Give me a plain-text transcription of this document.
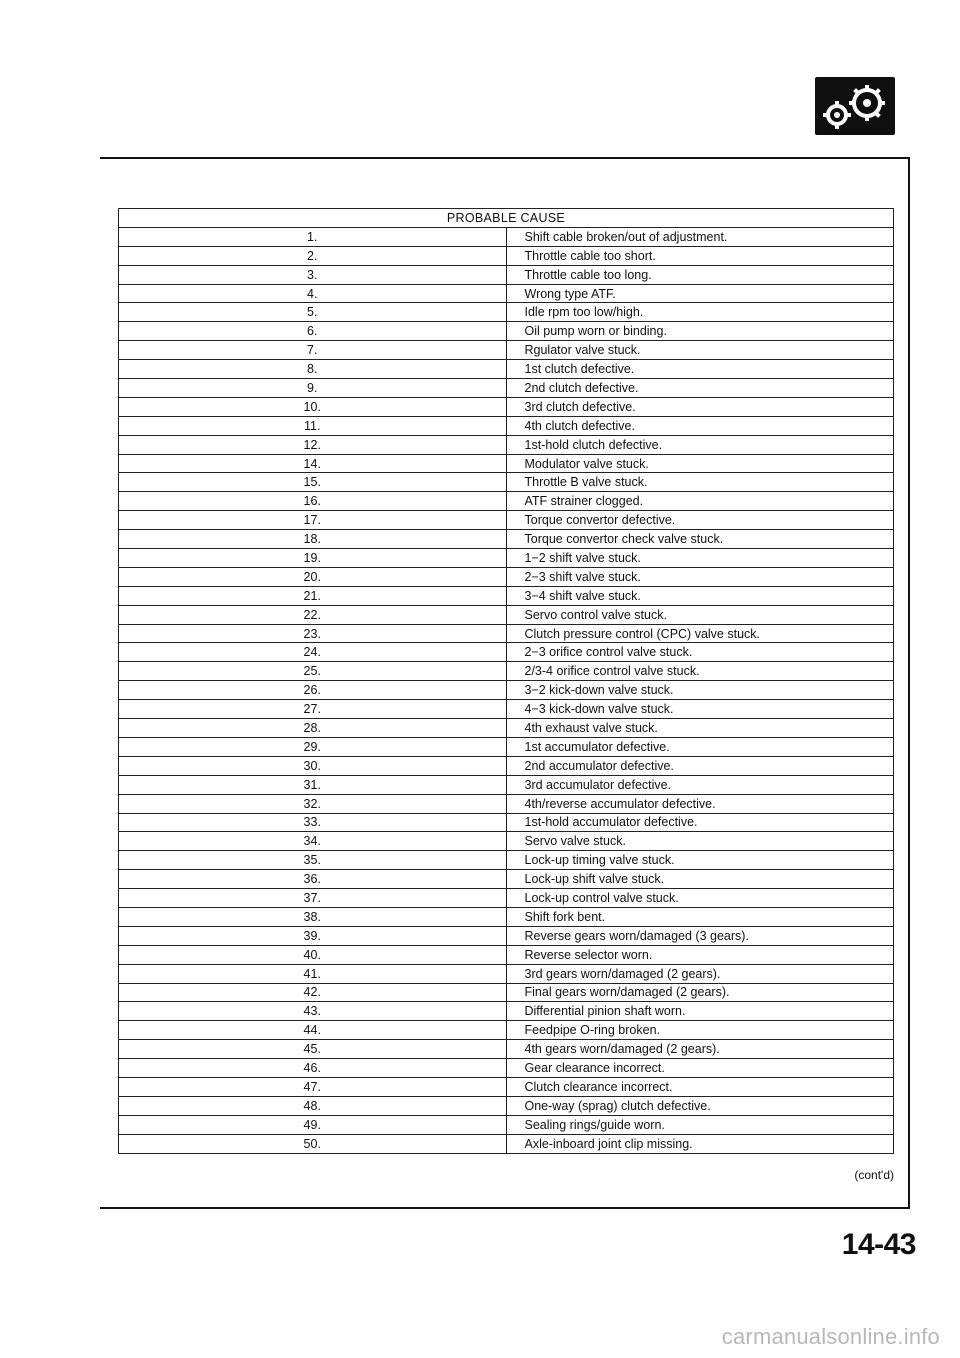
PROBABLE CAUSE	
1.	Shift cable broken/out of adjustment.
2.	Throttle cable too short.
3.	Throttle cable too long.
4.	Wrong type ATF.
5.	Idle rpm too low/high.
6.	Oil pump worn or binding.
7.	Rgulator valve stuck.
8.	1st clutch defective.
9.	2nd clutch defective.
10.	3rd clutch defective.
11.	4th clutch defective.
12.	1st-hold clutch defective.
14.	Modulator valve stuck.
15.	Throttle B valve stuck.
16.	ATF strainer clogged.
17.	Torque convertor defective.
18.	Torque convertor check valve stuck.
19.	1−2 shift valve stuck.
20.	2−3 shift valve stuck.
21.	3−4 shift valve stuck.
22.	Servo control valve stuck.
23.	Clutch pressure control (CPC) valve stuck.
24.	2−3 orifice control valve stuck.
25.	2/3-4 orifice control valve stuck.
26.	3−2 kick-down valve stuck.
27.	4−3 kick-down valve stuck.
28.	4th exhaust valve stuck.
29.	1st accumulator defective.
30.	2nd accumulator defective.
31.	3rd accumulator defective.
32.	4th/reverse accumulator defective.
33.	1st-hold accumulator defective.
34.	Servo valve stuck.
35.	Lock-up timing valve stuck.
36.	Lock-up shift valve stuck.
37.	Lock-up control valve stuck.
38.	Shift fork bent.
39.	Reverse gears worn/damaged (3 gears).
40.	Reverse selector worn.
41.	3rd gears worn/damaged (2 gears).
42.	Final gears worn/damaged (2 gears).
43.	Differential pinion shaft worn.
44.	Feedpipe O-ring broken.
45.	4th gears worn/damaged (2 gears).
46.	Gear clearance incorrect.
47.	Clutch clearance incorrect.
48.	One-way (sprag) clutch defective.
49.	Sealing rings/guide worn.
50.	Axle-inboard joint clip missing.
(cont'd)
14-43
carmanualsonline.info
